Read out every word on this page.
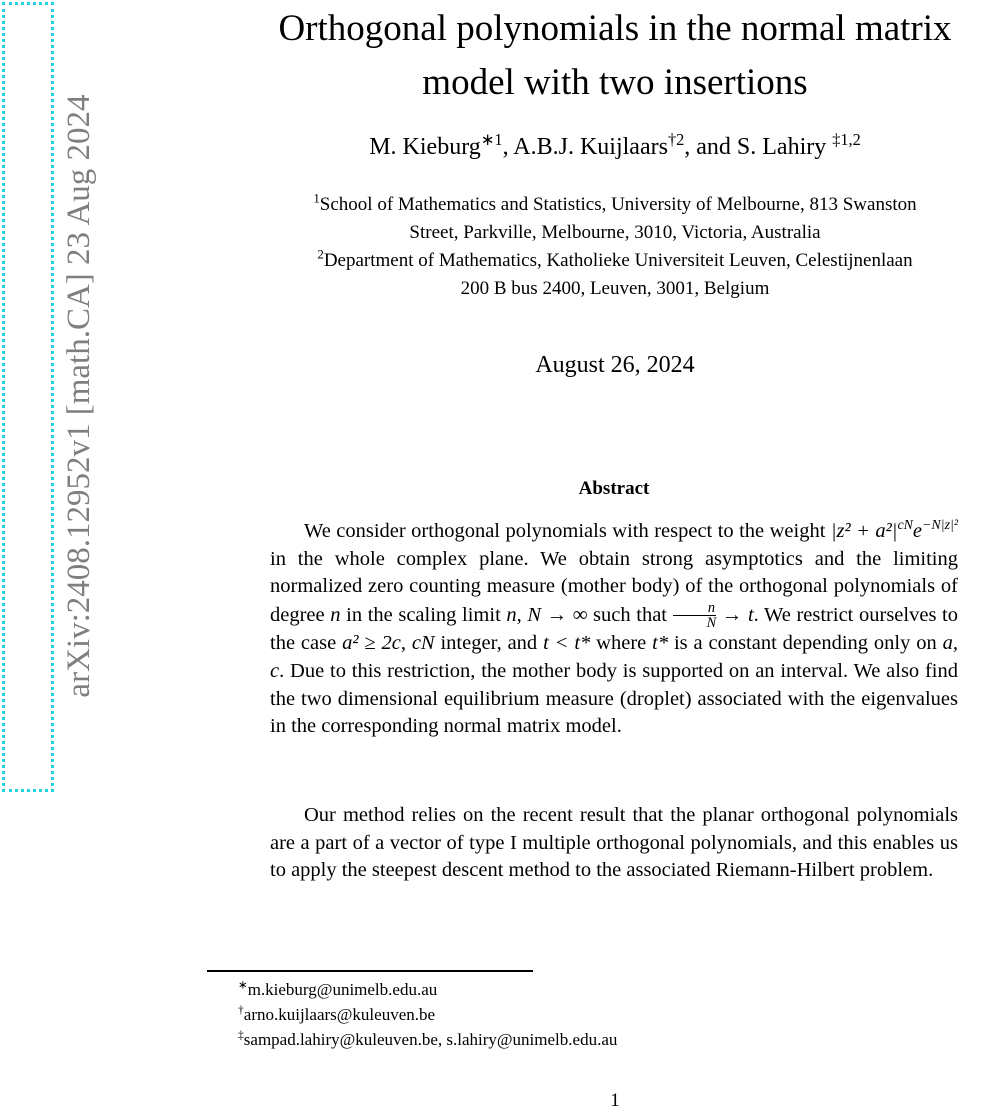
arXiv:2408.12952v1 [math.CA] 23 Aug 2024
Orthogonal polynomials in the normal matrix
model with two insertions
M. Kieburg$^{∗1}$, A.B.J. Kuijlaars$^{\dagger 2}$, and S. Lahiry $^{\ddagger 1,2}$
$^1$School of Mathematics and Statistics, University of Melbourne, 813 Swanston
Street, Parkville, Melbourne, 3010, Victoria, Australia
$^2$Department of Mathematics, Katholieke Universiteit Leuven, Celestijnenlaan
200 B bus 2400, Leuven, 3001, Belgium
August 26, 2024
Abstract

We consider orthogonal polynomials with respect to the weight $|z^2 + a^2|^{cN}e^{-N|z|^2}$ in the whole complex plane. We obtain strong asymptotics and the limiting normalized zero counting measure (mother body) of the orthogonal polynomials of degree n in the scaling limit n, N → ∞ such that $\frac{n}{N} \to t$. We restrict ourselves to the case a² ≥ 2c, cN integer, and t < t* where t* is a constant depending only on a, c. Due to this restriction, the mother body is supported on an interval. We also find the two dimensional equilibrium measure (droplet) associated with the eigenvalues in the corresponding normal matrix model.

Our method relies on the recent result that the planar orthogonal polynomials are a part of a vector of type I multiple orthogonal polynomials, and this enables us to apply the steepest descent method to the associated Riemann-Hilbert problem.

∗m.kieburg@unimelb.edu.au
†arno.kuijlaars@kuleuven.be
‡sampad.lahiry@kuleuven.be, s.lahiry@unimelb.edu.au
1
